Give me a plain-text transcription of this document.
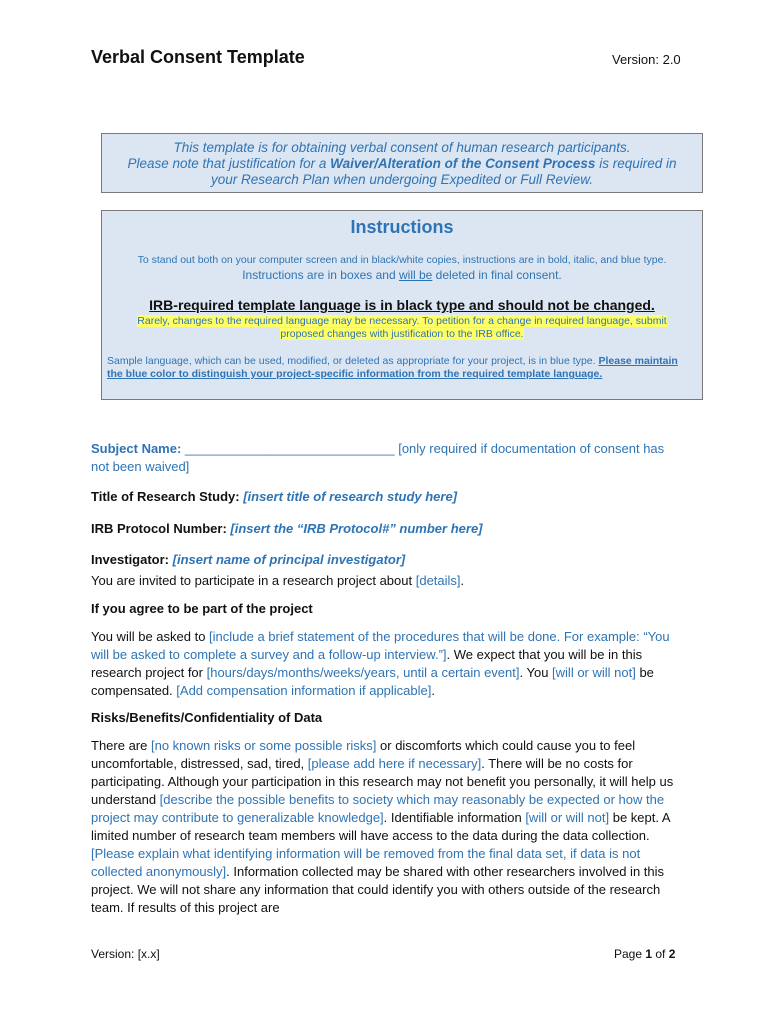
Verbal Consent Template	Version: 2.0
This template is for obtaining verbal consent of human research participants.
Please note that justification for a Waiver/Alteration of the Consent Process is required in
your Research Plan when undergoing Expedited or Full Review.
Instructions
To stand out both on your computer screen and in black/white copies, instructions are in bold, italic, and blue type.
Instructions are in boxes and will be deleted in final consent.
IRB-required template language is in black type and should not be changed.
Rarely, changes to the required language may be necessary. To petition for a change in required language, submit
proposed changes with justification to the IRB office.
Sample language, which can be used, modified, or deleted as appropriate for your project, is in blue type. Please maintain the blue color to distinguish your project-specific information from the required template language.
Subject Name: _____________________________ [only required if documentation of consent has not been waived]
Title of Research Study: [insert title of research study here]
IRB Protocol Number: [insert the “IRB Protocol#” number here]
Investigator: [insert name of principal investigator]
You are invited to participate in a research project about [details].
If you agree to be part of the project
You will be asked to [include a brief statement of the procedures that will be done. For example: “You will be asked to complete a survey and a follow-up interview.”]. We expect that you will be in this research project for [hours/days/months/weeks/years, until a certain event]. You [will or will not] be compensated. [Add compensation information if applicable].
Risks/Benefits/Confidentiality of Data
There are [no known risks or some possible risks] or discomforts which could cause you to feel uncomfortable, distressed, sad, tired, [please add here if necessary]. There will be no costs for participating. Although your participation in this research may not benefit you personally, it will help us understand [describe the possible benefits to society which may reasonably be expected or how the project may contribute to generalizable knowledge]. Identifiable information [will or will not] be kept. A limited number of research team members will have access to the data during the data collection. [Please explain what identifying information will be removed from the final data set, if data is not collected anonymously]. Information collected may be shared with other researchers involved in this project. We will not share any information that could identify you with others outside of the research team. If results of this project are
Version: [x.x]	Page 1 of 2
